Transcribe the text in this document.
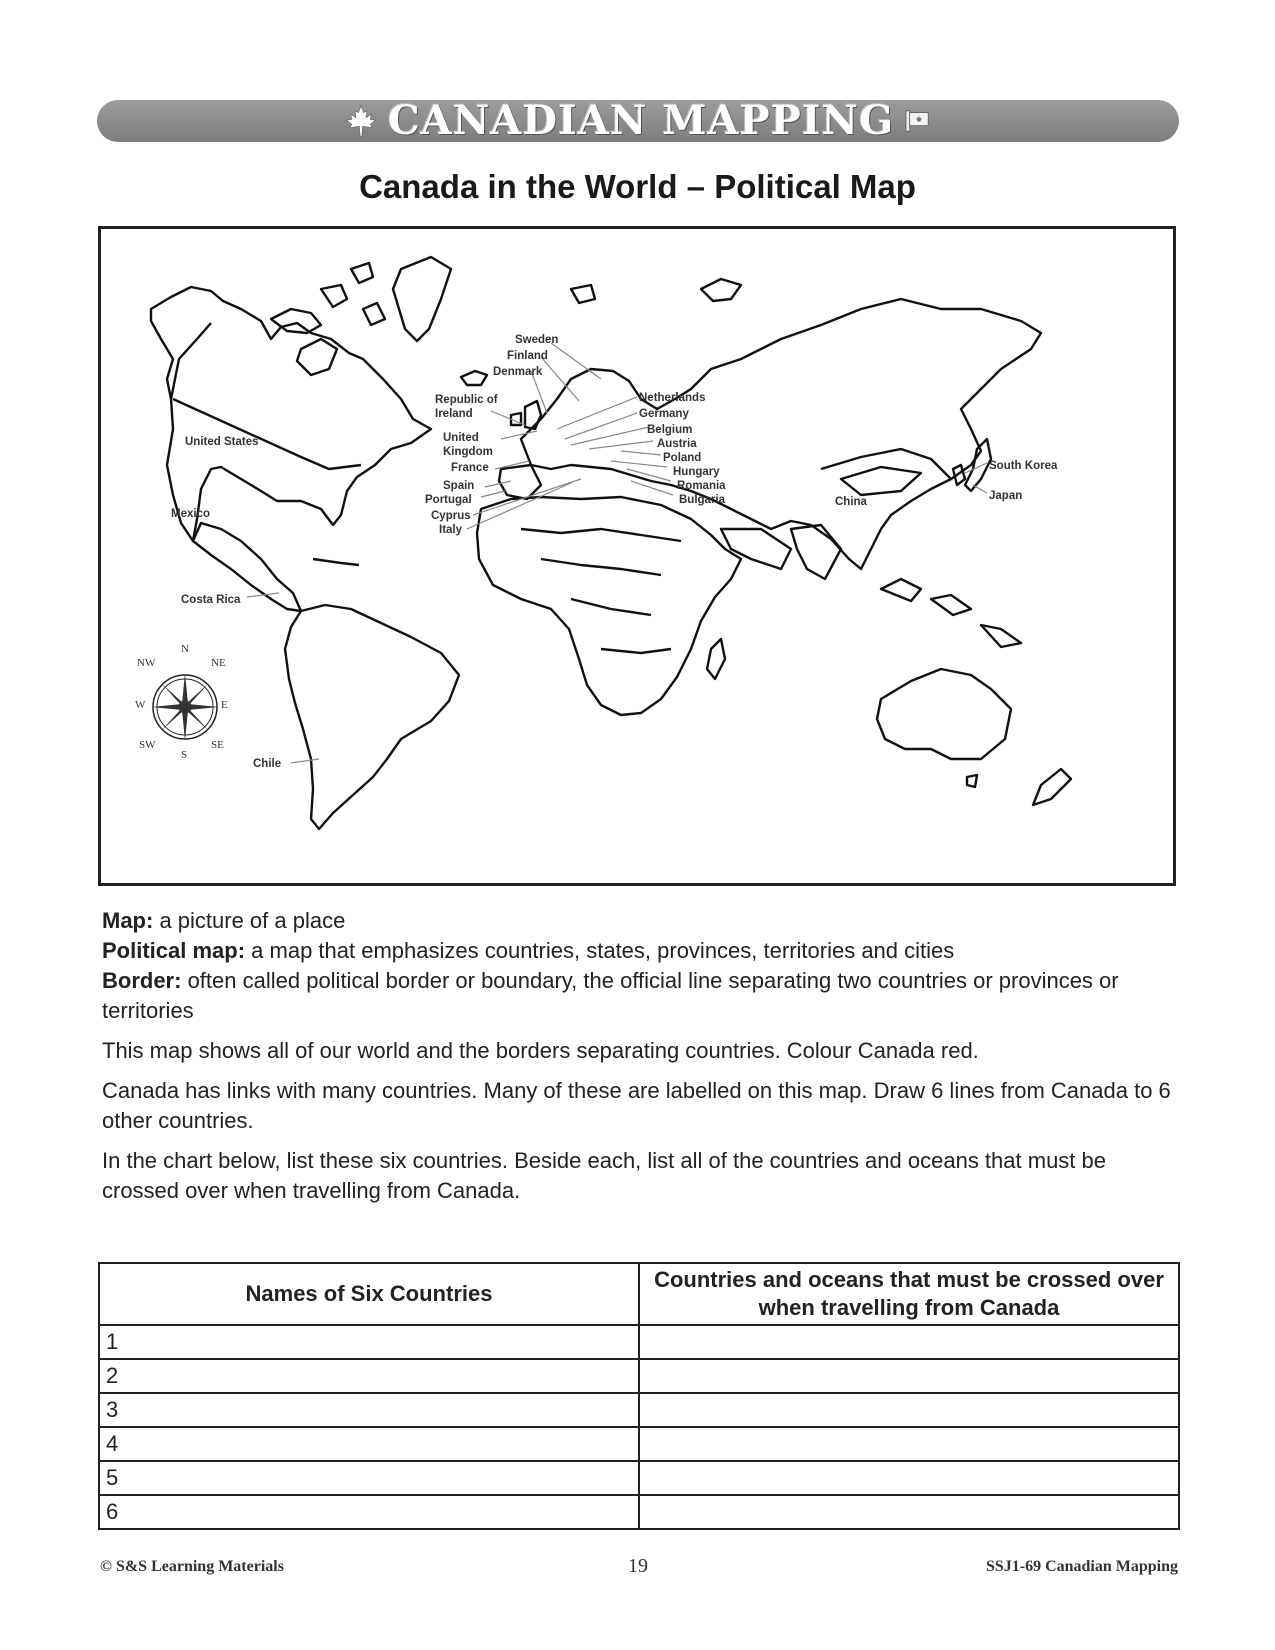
CANADIAN MAPPING
Canada in the World – Political Map
United States
Mexico
Costa Rica
Chile
Sweden
Finland
Denmark
Republic of
Ireland
United
Kingdom
France
Spain
Portugal
Cyprus
Italy
Netherlands
Germany
Belgium
Austria
Poland
Hungary
Romania
Bulgaria	China
South Korea
Japan
N
NE
E
SE
S
SW
W
NW

Map: a picture of a place

Political map: a map that emphasizes countries, states, provinces, territories and cities

Border: often called political border or boundary, the official line separating two countries or provinces or territories

This map shows all of our world and the borders separating countries. Colour Canada red.

Canada has links with many countries. Many of these are labelled on this map. Draw 6 lines from Canada to 6 other countries.

In the chart below, list these six countries. Beside each, list all of the countries and oceans that must be crossed over when travelling from Canada.

Names of Six Countries	Countries and oceans that must be crossed over when travelling from Canada
1	
2	
3	
4	
5	
6	
© S&S Learning Materials	19	SSJ1-69 Canadian Mapping
